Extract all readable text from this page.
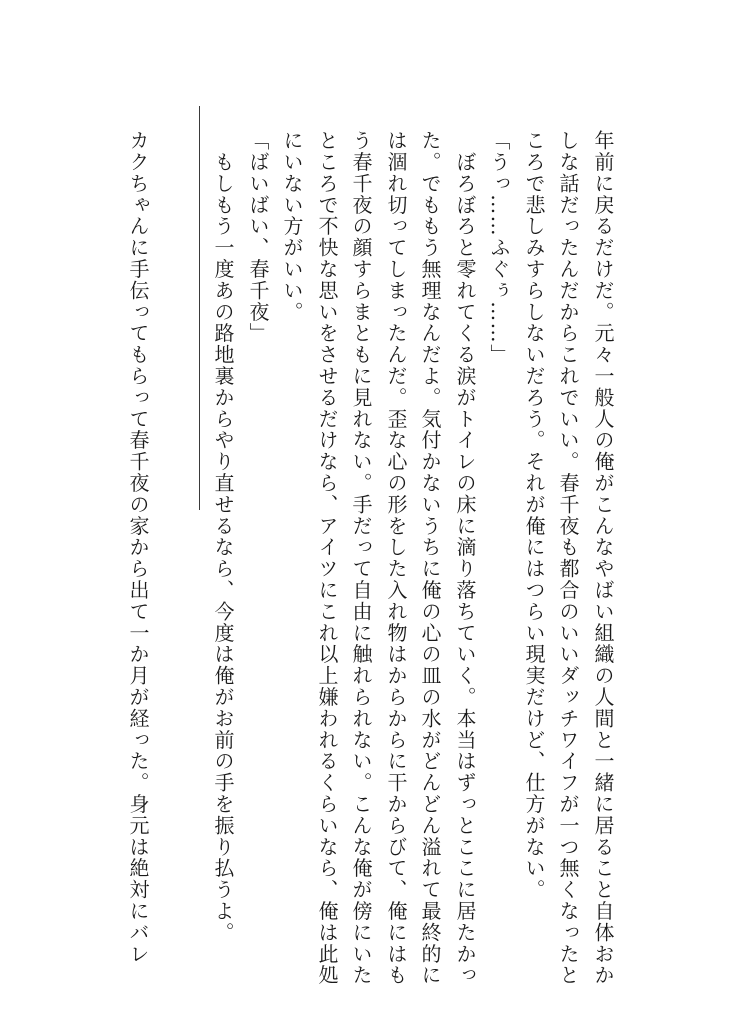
年前に戻るだけだ。元々一般人の俺がこんなやばい組織の人間と一緒に居ること自体おか
しな話だったんだからこれでいい。春千夜も都合のいいダッチワイフが一つ無くなったと
ころで悲しみすらしないだろう。それが俺にはつらい現実だけど、仕方がない。
「うっ……ふぐぅ……」
　ぼろぼろと零れてくる涙がトイレの床に滴り落ちていく。本当はずっとここに居たかっ
た。でももう無理なんだよ。気付かないうちに俺の心の皿の水がどんどん溢れて最終的に
は涸れ切ってしまったんだ。歪な心の形をした入れ物はからからに干からびて、俺にはも
う春千夜の顔すらまともに見れない。手だって自由に触れられない。こんな俺が傍にいた
ところで不快な思いをさせるだけなら、アイツにこれ以上嫌われるくらいなら、俺は此処
にいない方がいい。
「ばいばい、春千夜」
　もしもう一度あの路地裏からやり直せるなら、今度は俺がお前の手を振り払うよ。
カクちゃんに手伝ってもらって春千夜の家から出て一か月が経った。身元は絶対にバレ
